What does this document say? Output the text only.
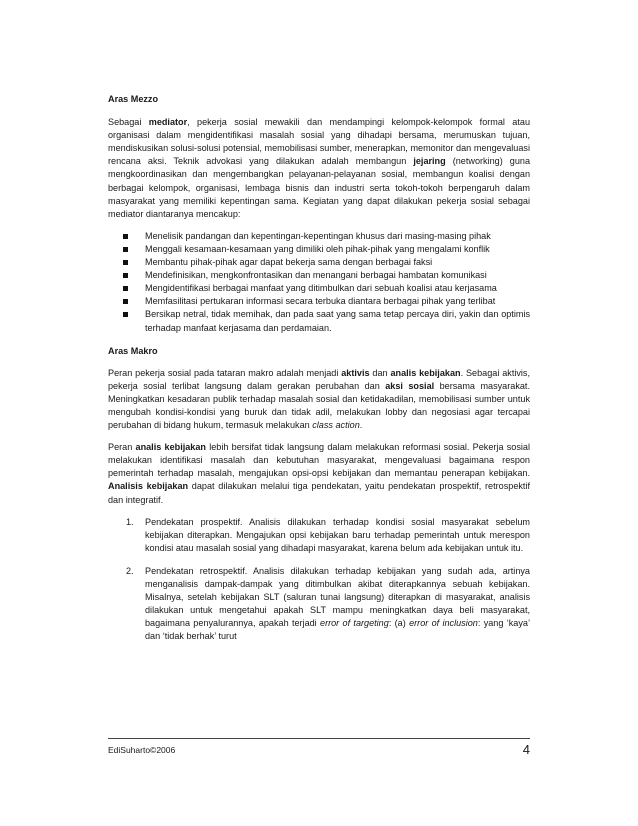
Aras Mezzo

Sebagai mediator, pekerja sosial mewakili dan mendampingi kelompok-kelompok formal atau organisasi dalam mengidentifikasi masalah sosial yang dihadapi bersama, merumuskan tujuan, mendiskusikan solusi-solusi potensial, memobilisasi sumber, menerapkan, memonitor dan mengevaluasi rencana aksi. Teknik advokasi yang dilakukan adalah membangun jejaring (networking) guna mengkoordinasikan dan mengembangkan pelayanan-pelayanan sosial, membangun koalisi dengan berbagai kelompok, organisasi, lembaga bisnis dan industri serta tokoh-tokoh berpengaruh dalam masyarakat yang memiliki kepentingan sama. Kegiatan yang dapat dilakukan pekerja sosial sebagai mediator diantaranya mencakup:

Menelisik pandangan dan kepentingan-kepentingan khusus dari masing-masing pihak
Menggali kesamaan-kesamaan yang dimiliki oleh pihak-pihak yang mengalami konflik
Membantu pihak-pihak agar dapat bekerja sama dengan berbagai faksi
Mendefinisikan, mengkonfrontasikan dan menangani berbagai hambatan komunikasi
Mengidentifikasi berbagai manfaat yang ditimbulkan dari sebuah koalisi atau kerjasama
Memfasilitasi pertukaran informasi secara terbuka diantara berbagai pihak yang terlibat
Bersikap netral, tidak memihak, dan pada saat yang sama tetap percaya diri, yakin dan optimis terhadap manfaat kerjasama dan perdamaian.
Aras Makro

Peran pekerja sosial pada tataran makro adalah menjadi aktivis dan analis kebijakan. Sebagai aktivis, pekerja sosial terlibat langsung dalam gerakan perubahan dan aksi sosial bersama masyarakat. Meningkatkan kesadaran publik terhadap masalah sosial dan ketidakadilan, memobilisasi sumber untuk mengubah kondisi-kondisi yang buruk dan tidak adil, melakukan lobby dan negosiasi agar tercapai perubahan di bidang hukum, termasuk melakukan class action.

Peran analis kebijakan lebih bersifat tidak langsung dalam melakukan reformasi sosial. Pekerja sosial melakukan identifikasi masalah dan kebutuhan masyarakat, mengevaluasi bagaimana respon pemerintah terhadap masalah, mengajukan opsi-opsi kebijakan dan memantau penerapan kebijakan. Analisis kebijakan dapat dilakukan melalui tiga pendekatan, yaitu pendekatan prospektif, retrospektif dan integratif.

1. Pendekatan prospektif. Analisis dilakukan terhadap kondisi sosial masyarakat sebelum kebijakan diterapkan. Mengajukan opsi kebijakan baru terhadap pemerintah untuk merespon kondisi atau masalah sosial yang dihadapi masyarakat, karena belum ada kebijakan untuk itu.
2. Pendekatan retrospektif. Analisis dilakukan terhadap kebijakan yang sudah ada, artinya menganalisis dampak-dampak yang ditimbulkan akibat diterapkannya sebuah kebijakan. Misalnya, setelah kebijakan SLT (saluran tunai langsung) diterapkan di masyarakat, analisis dilakukan untuk mengetahui apakah SLT mampu meningkatkan daya beli masyarakat, bagaimana penyalurannya, apakah terjadi error of targeting: (a) error of inclusion: yang ‘kaya’ dan ‘tidak berhak’ turut
EdiSuharto©2006	4
